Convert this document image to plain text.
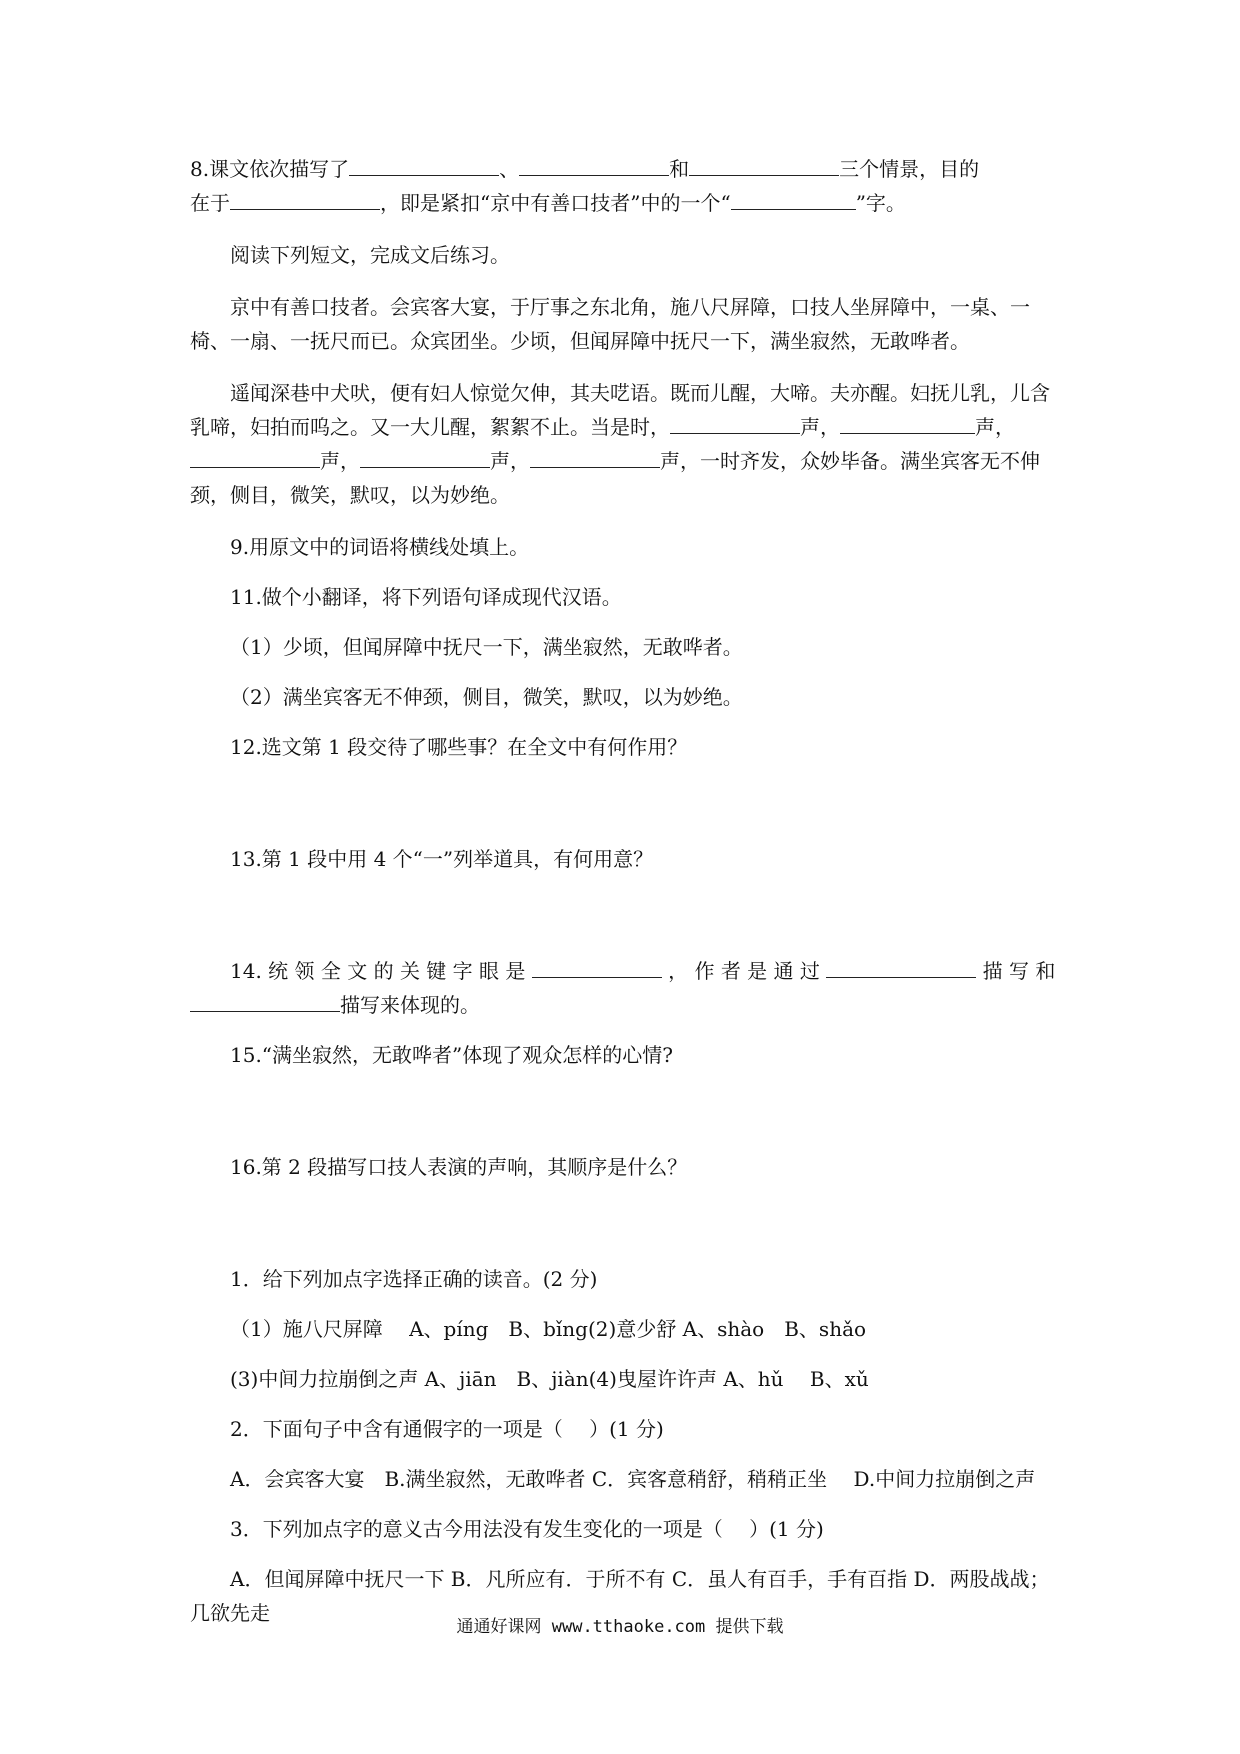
8.课文依次描写了	、	和	三个情景，目的
在于	，即是紧扣“京中有善口技者”中的一个“	”字。

阅读下列短文，完成文后练习。

京中有善口技者。会宾客大宴，于厅事之东北角，施八尺屏障，口技人坐屏障中，一桌、一椅、一扇、一抚尺而已。众宾团坐。少顷，但闻屏障中抚尺一下，满坐寂然，无敢哗者。

遥闻深巷中犬吠，便有妇人惊觉欠伸，其夫呓语。既而儿醒，大啼。夫亦醒。妇抚儿乳，儿含乳啼，妇拍而呜之。又一大儿醒，絮絮不止。当是时，	声，	声，声，	声，	声，一时齐发，众妙毕备。满坐宾客无不伸颈，侧目，微笑，默叹，以为妙绝。

9.用原文中的词语将横线处填上。

11.做个小翻译，将下列语句译成现代汉语。

（1）少顷，但闻屏障中抚尺一下，满坐寂然，无敢哗者。

（2）满坐宾客无不伸颈，侧目，微笑，默叹，以为妙绝。

12.选文第 1 段交待了哪些事？在全文中有何作用？

13.第 1 段中用 4 个“一”列举道具，有何用意？

14. 统 领 全 文 的 关 键 字 眼 是	， 作 者 是 通 过	描 写 和
描写来体现的。

15.“满坐寂然，无敢哗者”体现了观众怎样的心情?

16.第 2 段描写口技人表演的声响，其顺序是什么？

1．给下列加点字选择正确的读音。(2 分)

（1）施八尺屏障　 A、píng　B、bǐng(2)意少舒 A、shào　B、shǎo

(3)中间力拉崩倒之声 A、jiān　B、jiàn(4)曳屋许许声 A、hǔ　 B、xǔ

2．下面句子中含有通假字的一项是（　 ）(1 分)

A．会宾客大宴　B.满坐寂然，无敢哗者 C．宾客意稍舒，稍稍正坐　 D.中间力拉崩倒之声

3．下列加点字的意义古今用法没有发生变化的一项是（　 ）(1 分)

A．但闻屏障中抚尺一下 B．凡所应有．于所不有 C．虽人有百手，手有百指 D．两股战战；几欲先走

通通好课网 www.tthaoke.com 提供下载
